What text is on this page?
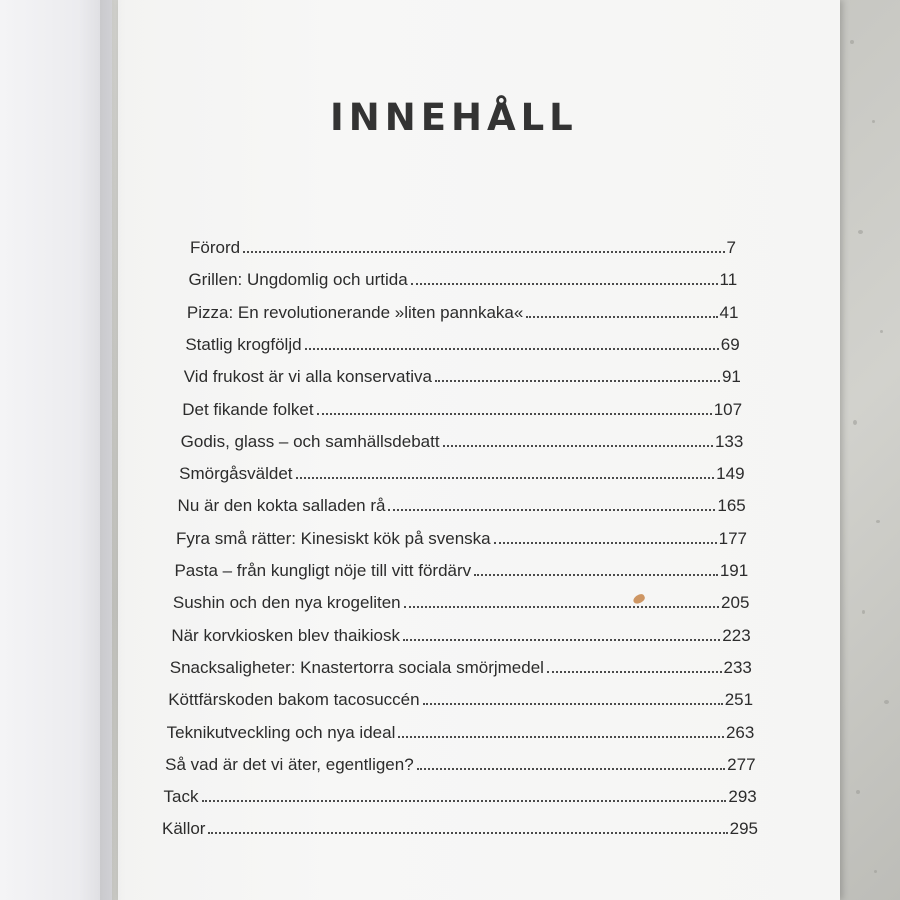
INNEHÅLL
Förord	7
Grillen: Ungdomlig och urtida	11
Pizza: En revolutionerande »liten pannkaka«	41
Statlig krogföljd	69
Vid frukost är vi alla konservativa	91
Det fikande folket	107
Godis, glass – och samhällsdebatt	133
Smörgåsväldet	149
Nu är den kokta salladen rå	165
Fyra små rätter: Kinesiskt kök på svenska	177
Pasta – från kungligt nöje till vitt fördärv	191
Sushin och den nya krogeliten	205
När korvkiosken blev thaikiosk	223
Snacksaligheter: Knastertorra sociala smörjmedel	233
Köttfärskoden bakom tacosuccén	251
Teknikutveckling och nya ideal	263
Så vad är det vi äter, egentligen?	277
Tack	293
Källor	295
